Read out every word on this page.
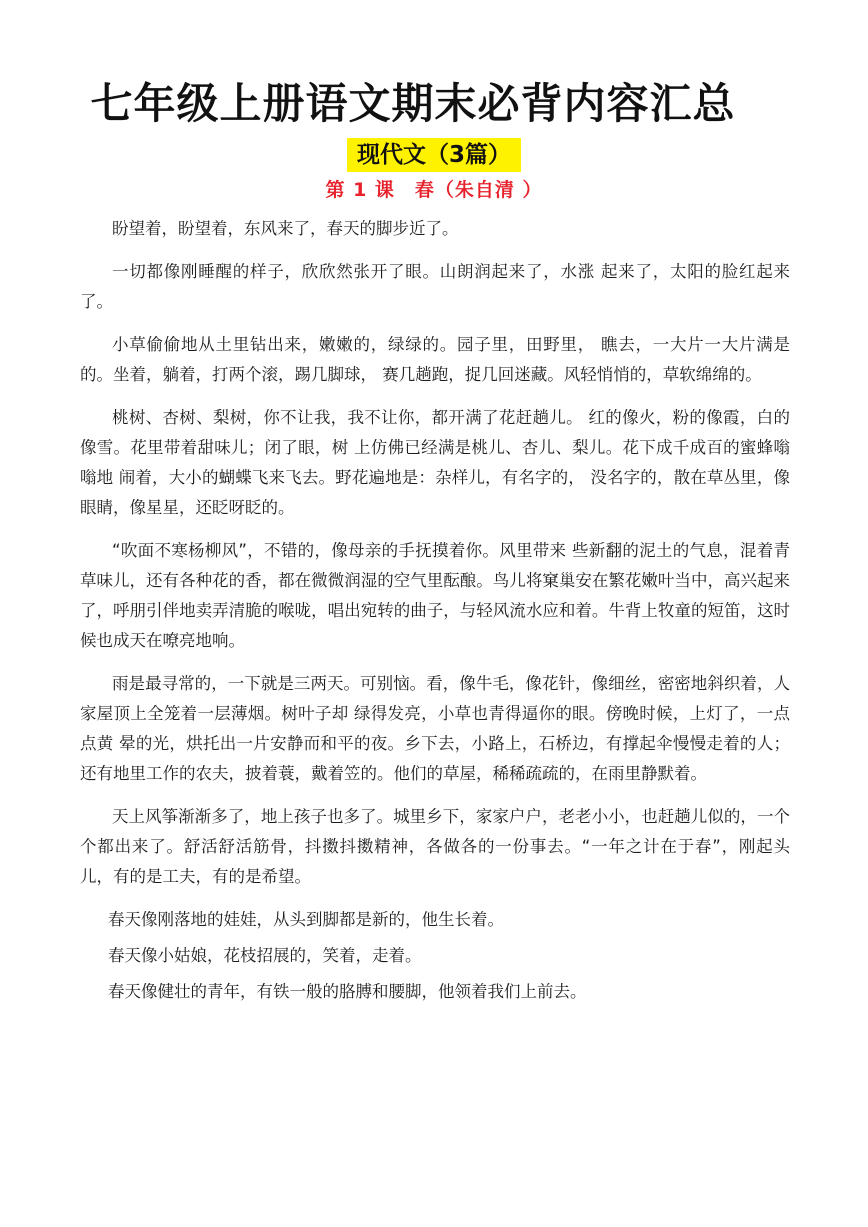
七年级上册语文期末必背内容汇总
现代文（3篇）
第 1 课　春（朱自清 ）

盼望着，盼望着，东风来了，春天的脚步近了。

一切都像刚睡醒的样子，欣欣然张开了眼。山朗润起来了，水涨 起来了，太阳的脸红起来了。

小草偷偷地从土里钻出来，嫩嫩的，绿绿的。园子里，田野里， 瞧去，一大片一大片满是的。坐着，躺着，打两个滚，踢几脚球， 赛几趟跑，捉几回迷藏。风轻悄悄的，草软绵绵的。

桃树、杏树、梨树，你不让我，我不让你，都开满了花赶趟儿。 红的像火，粉的像霞，白的像雪。花里带着甜味儿；闭了眼，树 上仿佛已经满是桃儿、杏儿、梨儿。花下成千成百的蜜蜂嗡嗡地 闹着，大小的蝴蝶飞来飞去。野花遍地是：杂样儿，有名字的， 没名字的，散在草丛里，像眼睛，像星星，还眨呀眨的。

“吹面不寒杨柳风”，不错的，像母亲的手抚摸着你。风里带来 些新翻的泥土的气息，混着青草味儿，还有各种花的香，都在微微润湿的空气里酝酿。鸟儿将窠巢安在繁花嫩叶当中，高兴起来了，呼朋引伴地卖弄清脆的喉咙，唱出宛转的曲子，与轻风流水应和着。牛背上牧童的短笛，这时候也成天在嘹亮地响。

雨是最寻常的，一下就是三两天。可别恼。看，像牛毛，像花针，像细丝，密密地斜织着，人家屋顶上全笼着一层薄烟。树叶子却 绿得发亮，小草也青得逼你的眼。傍晚时候，上灯了，一点点黄 晕的光，烘托出一片安静而和平的夜。乡下去，小路上，石桥边，有撑起伞慢慢走着的人；还有地里工作的农夫，披着蓑，戴着笠的。他们的草屋，稀稀疏疏的，在雨里静默着。

天上风筝渐渐多了，地上孩子也多了。城里乡下，家家户户，老老小小，也赶趟儿似的，一个个都出来了。舒活舒活筋骨，抖擞抖擞精神，各做各的一份事去。“一年之计在于春”，刚起头儿，有的是工夫，有的是希望。

春天像刚落地的娃娃，从头到脚都是新的，他生长着。

春天像小姑娘，花枝招展的，笑着，走着。

春天像健壮的青年，有铁一般的胳膊和腰脚，他领着我们上前去。
